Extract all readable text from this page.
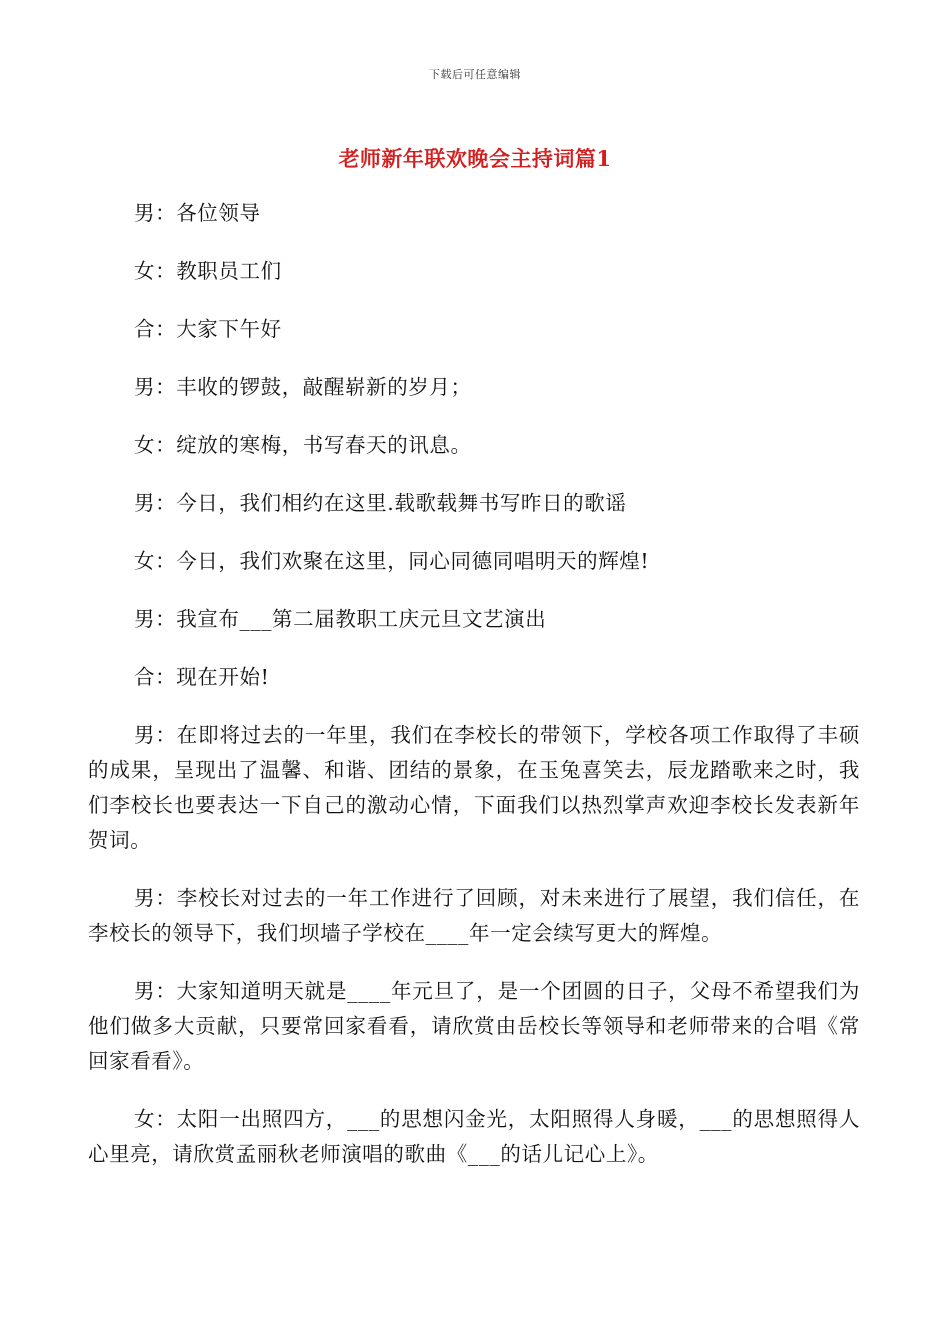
下载后可任意编辑
老师新年联欢晚会主持词篇1

男：各位领导

女：教职员工们

合：大家下午好

男：丰收的锣鼓，敲醒崭新的岁月；

女：绽放的寒梅，书写春天的讯息。

男：今日，我们相约在这里.载歌载舞书写昨日的歌谣

女：今日，我们欢聚在这里，同心同德同唱明天的辉煌!

男：我宣布___第二届教职工庆元旦文艺演出

合：现在开始!

男：在即将过去的一年里，我们在李校长的带领下，学校各项工作取得了丰硕的成果，呈现出了温馨、和谐、团结的景象，在玉兔喜笑去，辰龙踏歌来之时，我们李校长也要表达一下自己的激动心情，下面我们以热烈掌声欢迎李校长发表新年贺词。

男：李校长对过去的一年工作进行了回顾，对未来进行了展望，我们信任，在李校长的领导下，我们坝墙子学校在____年一定会续写更大的辉煌。

男：大家知道明天就是____年元旦了，是一个团圆的日子，父母不希望我们为他们做多大贡献，只要常回家看看，请欣赏由岳校长等领导和老师带来的合唱《常回家看看》。

女：太阳一出照四方，___的思想闪金光，太阳照得人身暖，___的思想照得人心里亮，请欣赏孟丽秋老师演唱的歌曲《___的话儿记心上》。
